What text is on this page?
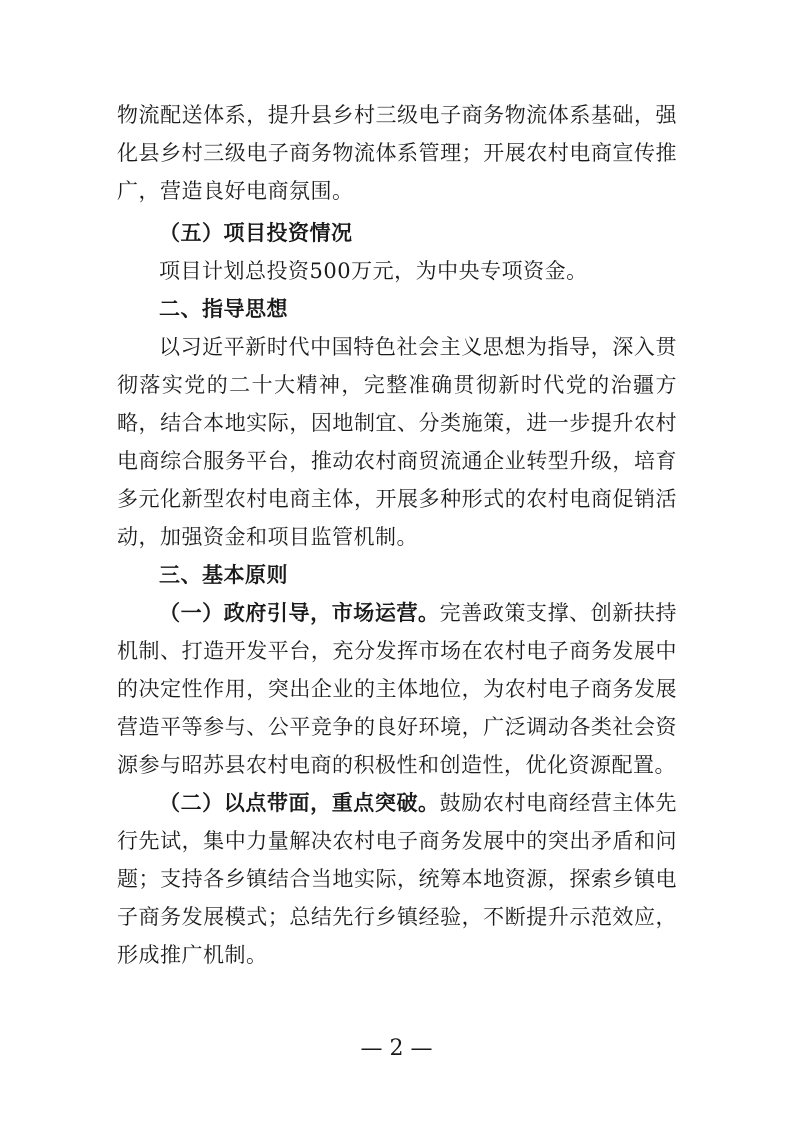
物流配送体系，提升县乡村三级电子商务物流体系基础，强化县乡村三级电子商务物流体系管理；开展农村电商宣传推广，营造良好电商氛围。

（五）项目投资情况

项目计划总投资500万元，为中央专项资金。

二、指导思想

以习近平新时代中国特色社会主义思想为指导，深入贯彻落实党的二十大精神，完整准确贯彻新时代党的治疆方略，结合本地实际，因地制宜、分类施策，进一步提升农村电商综合服务平台，推动农村商贸流通企业转型升级，培育多元化新型农村电商主体，开展多种形式的农村电商促销活动，加强资金和项目监管机制。

三、基本原则

（一）政府引导，市场运营。完善政策支撑、创新扶持机制、打造开发平台，充分发挥市场在农村电子商务发展中的决定性作用，突出企业的主体地位，为农村电子商务发展营造平等参与、公平竞争的良好环境，广泛调动各类社会资源参与昭苏县农村电商的积极性和创造性，优化资源配置。

（二）以点带面，重点突破。鼓励农村电商经营主体先行先试，集中力量解决农村电子商务发展中的突出矛盾和问题；支持各乡镇结合当地实际，统筹本地资源，探索乡镇电子商务发展模式；总结先行乡镇经验，不断提升示范效应，形成推广机制。

— 2 —
